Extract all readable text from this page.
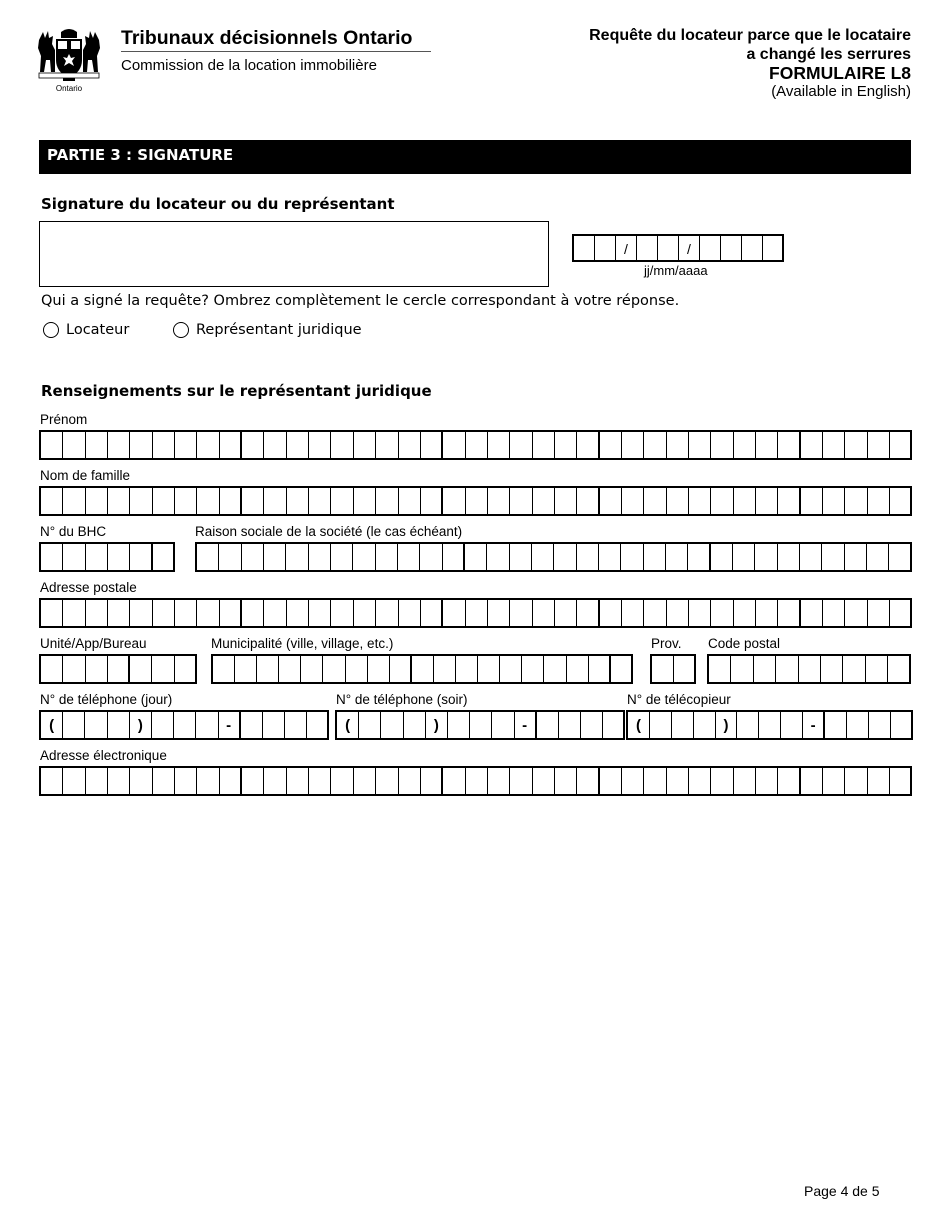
Ontario
Tribunaux décisionnels Ontario
Commission de la location immobilière
Requête du locateur parce que le locataire
a changé les serrures
FORMULAIRE L8
(Available in English)
PARTIE 3 : SIGNATURE
Signature du locateur ou du représentant
/	/
jj/mm/aaaa
Qui a signé la requête? Ombrez complètement le cercle correspondant à votre réponse.
Locateur	Représentant juridique
Renseignements sur le représentant juridique
Prénom
Nom de famille
N° du BHC	Raison sociale de la société (le cas échéant)
Adresse postale
Unité/App/Bureau	Municipalité (ville, village, etc.)	Prov. Code postal
N° de téléphone (jour)
(	)	-
N° de téléphone (soir)
(	)	-
N° de télécopieur
(	)	-
Adresse électronique
Page 4 de 5
